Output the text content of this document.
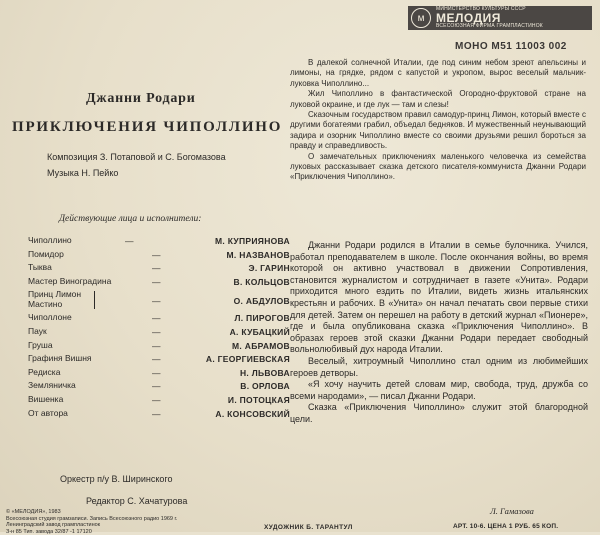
м
МИНИСТЕРСТВО КУЛЬТУРЫ СССР
МЕЛОДИЯ
ВСЕСОЮЗНАЯ ФИРМА ГРАМПЛАСТИНОК
МОНО М51 11003 002
Джанни Родари
ПРИКЛЮЧЕНИЯ ЧИПОЛЛИНО
Композиция З. Потаповой и С. Богомазова
Музыка Н. Пейко
Действующие лица и исполнители:
Чиполлино	—	М. КУПРИЯНОВА
Помидор	—	М. НАЗВАНОВ
Тыква	—	Э. ГАРИН
Мастер Виноградина	—	В. КОЛЬЦОВ
Принц Лимон
Мастино	—	О. АБДУЛОВ
Чиполлоне	—	Л. ПИРОГОВ
Паук	—	А. КУБАЦКИЙ
Груша	—	М. АБРАМОВ
Графиня Вишня	—	А. ГЕОРГИЕВСКАЯ
Редиска	—	Н. ЛЬВОВА
Земляничка	—	В. ОРЛОВА
Вишенка	—	И. ПОТОЦКАЯ
От автора	—	А. КОНСОВСКИЙ
Оркестр п/у В. Ширинского
Редактор С. Хачатурова

В далекой солнечной Италии, где под синим небом зреют апельсины и лимоны, на грядке, рядом с капустой и укропом, вырос веселый мальчик-луковка Чиполлино...

Жил Чиполлино в фантастической Огородно-фруктовой стране на луковой окраине, и где лук — там и слезы!

Сказочным государством правил самодур-принц Лимон, который вместе с другими богатеями грабил, объедал бедняков. И мужественный неунывающий задира и озорник Чиполлино вместе со своими друзьями решил бороться за правду и справедливость.

О замечательных приключениях маленького человечка из семейства луковых рассказывает сказка детского писателя-коммуниста Джанни Родари «Приключения Чиполлино».

Джанни Родари родился в Италии в семье булочника. Учился, работал преподавателем в школе. После окончания войны, во время которой он активно участвовал в движении Сопротивления, становится журналистом и сотрудничает в газете «Унита». Родари приходится много ездить по Италии, видеть жизнь итальянских крестьян и рабочих. В «Унита» он начал печатать свои первые стихи для детей. Затем он перешел на работу в детский журнал «Пионере», где и была опубликована сказка «Приключения Чиполлино». В образах героев этой сказки Джанни Родари передает свободный вольнолюбивый дух народа Италии.

Веселый, хитроумный Чиполлино стал одним из любимейших героев детворы.

«Я хочу научить детей словам мир, свобода, труд, дружба со всеми народами», — писал Джанни Родари.

Сказка «Приключения Чиполлино» служит этой благородной цели.

Л. Гамазова
© «МЕЛОДИЯ», 1983
Всесоюзная студия грамзаписи. Запись Всесоюзного радио 1969 г.
Ленинградский завод грампластинок
З-н 85 Тип. завода 32/87 -1 17120
ХУДОЖНИК Б. ТАРАНТУЛ	АРТ. 10-6. ЦЕНА 1 РУБ. 65 КОП.
